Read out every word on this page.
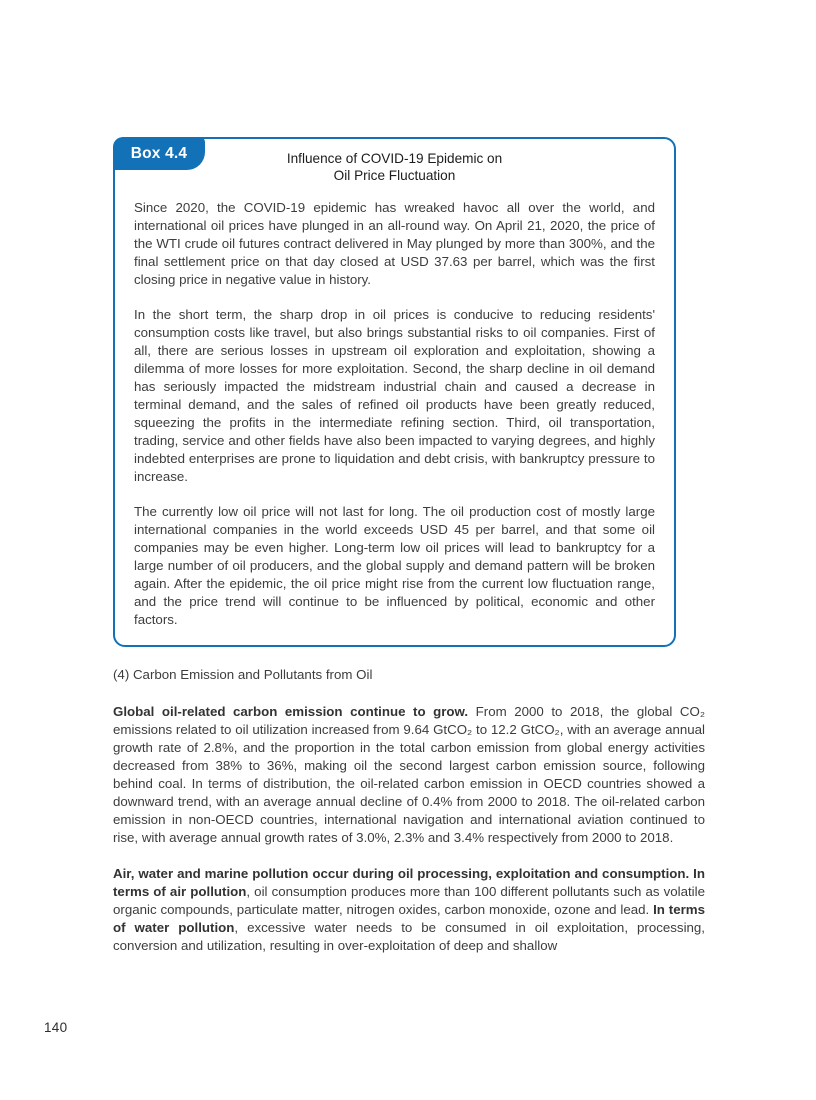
Box 4.4	Influence of COVID-19 Epidemic on
Oil Price Fluctuation

Since 2020, the COVID-19 epidemic has wreaked havoc all over the world, and international oil prices have plunged in an all-round way. On April 21, 2020, the price of the WTI crude oil futures contract delivered in May plunged by more than 300%, and the final settlement price on that day closed at USD 37.63 per barrel, which was the first closing price in negative value in history.

In the short term, the sharp drop in oil prices is conducive to reducing residents' consumption costs like travel, but also brings substantial risks to oil companies. First of all, there are serious losses in upstream oil exploration and exploitation, showing a dilemma of more losses for more exploitation. Second, the sharp decline in oil demand has seriously impacted the midstream industrial chain and caused a decrease in terminal demand, and the sales of refined oil products have been greatly reduced, squeezing the profits in the intermediate refining section. Third, oil transportation, trading, service and other fields have also been impacted to varying degrees, and highly indebted enterprises are prone to liquidation and debt crisis, with bankruptcy pressure to increase.

The currently low oil price will not last for long. The oil production cost of mostly large international companies in the world exceeds USD 45 per barrel, and that some oil companies may be even higher. Long-term low oil prices will lead to bankruptcy for a large number of oil producers, and the global supply and demand pattern will be broken again. After the epidemic, the oil price might rise from the current low fluctuation range, and the price trend will continue to be influenced by political, economic and other factors.

(4) Carbon Emission and Pollutants from Oil

Global oil-related carbon emission continue to grow. From 2000 to 2018, the global CO₂ emissions related to oil utilization increased from 9.64 GtCO₂ to 12.2 GtCO₂, with an average annual growth rate of 2.8%, and the proportion in the total carbon emission from global energy activities decreased from 38% to 36%, making oil the second largest carbon emission source, following behind coal. In terms of distribution, the oil-related carbon emission in OECD countries showed a downward trend, with an average annual decline of 0.4% from 2000 to 2018. The oil-related carbon emission in non-OECD countries, international navigation and international aviation continued to rise, with average annual growth rates of 3.0%, 2.3% and 3.4% respectively from 2000 to 2018.

Air, water and marine pollution occur during oil processing, exploitation and consumption. In terms of air pollution, oil consumption produces more than 100 different pollutants such as volatile organic compounds, particulate matter, nitrogen oxides, carbon monoxide, ozone and lead. In terms of water pollution, excessive water needs to be consumed in oil exploitation, processing, conversion and utilization, resulting in over-exploitation of deep and shallow

140
